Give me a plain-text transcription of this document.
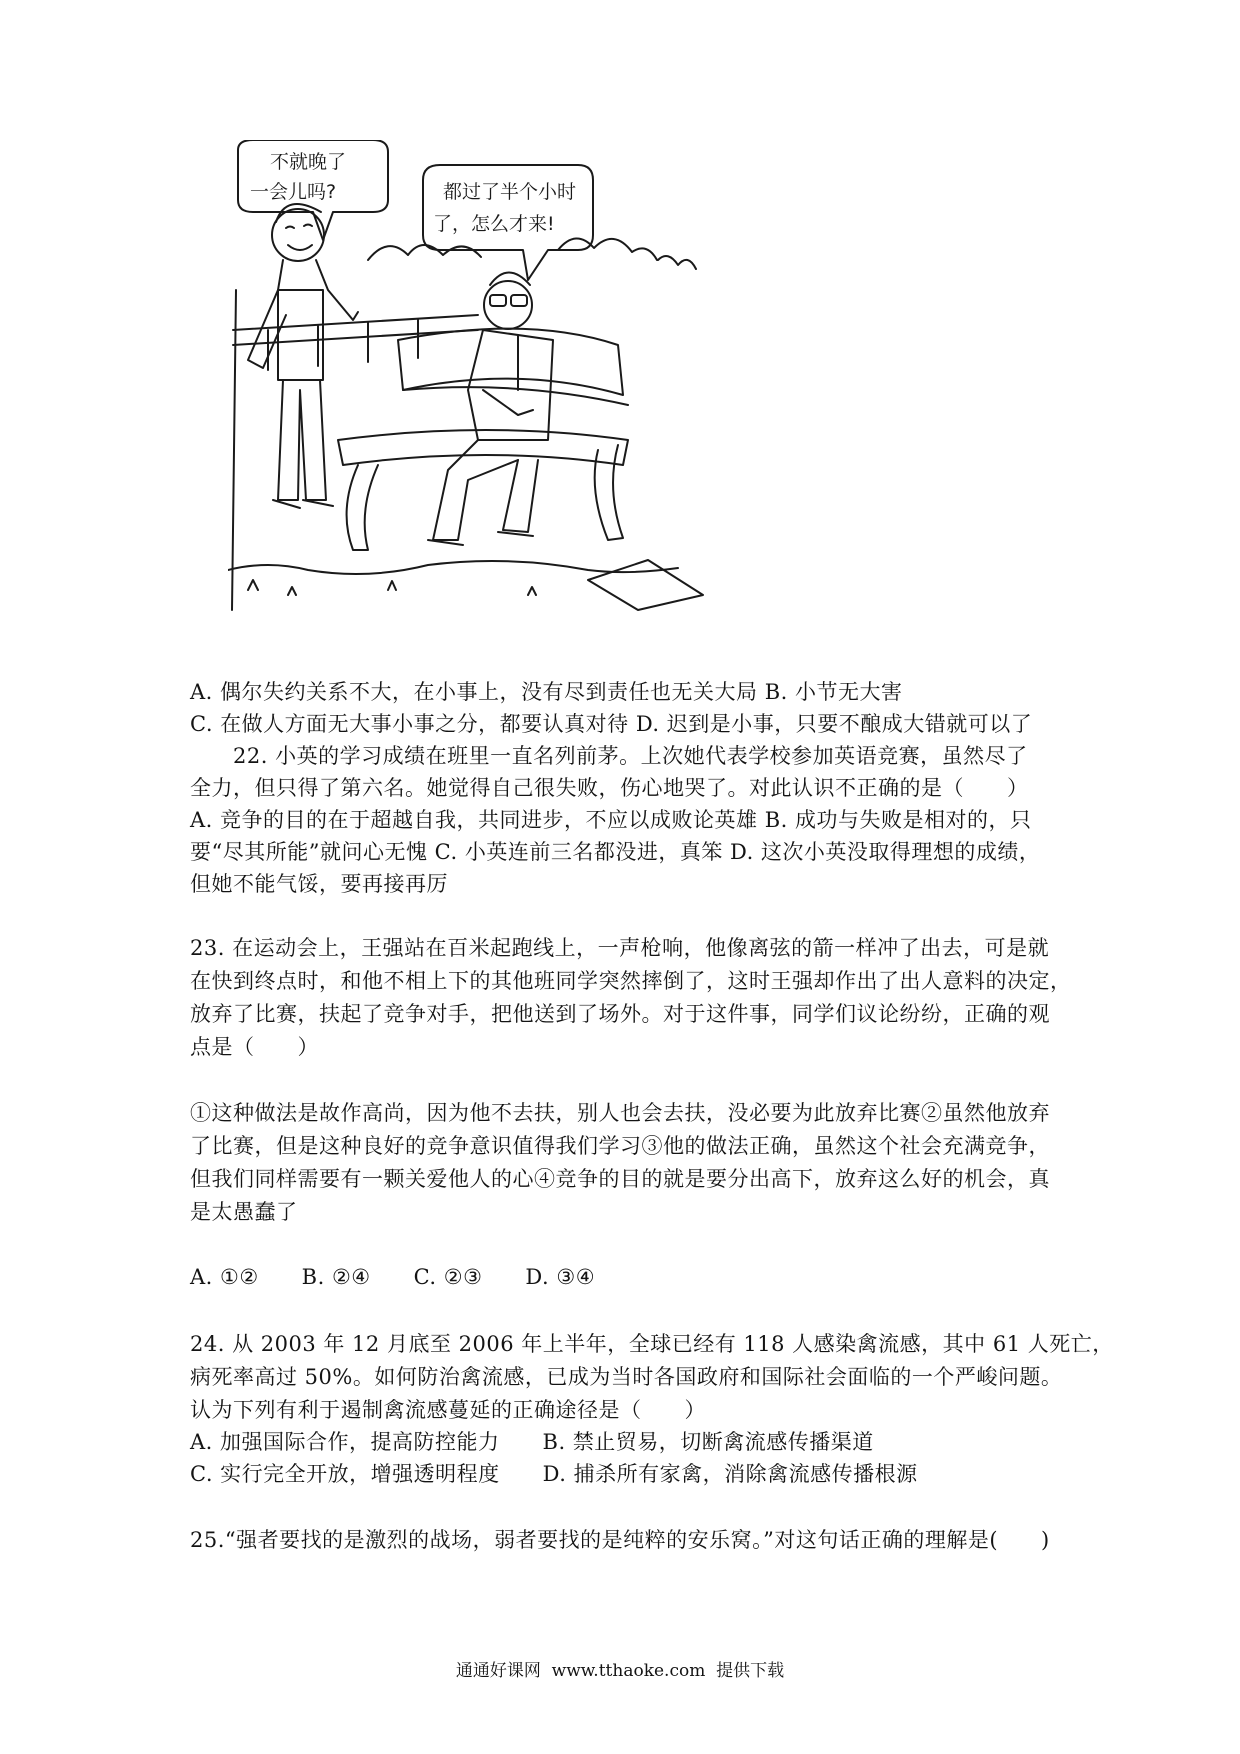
不就晚了
一会儿吗?	都过了半个小时
了，怎么才来!
A. 偶尔失约关系不大，在小事上，没有尽到责任也无关大局 B. 小节无大害
C. 在做人方面无大事小事之分，都要认真对待 D. 迟到是小事，只要不酿成大错就可以了
　　22. 小英的学习成绩在班里一直名列前茅。上次她代表学校参加英语竞赛，虽然尽了
全力，但只得了第六名。她觉得自己很失败，伤心地哭了。对此认识不正确的是（　　）
A. 竞争的目的在于超越自我，共同进步，不应以成败论英雄 B. 成功与失败是相对的，只
要“尽其所能”就问心无愧 C. 小英连前三名都没进，真笨 D. 这次小英没取得理想的成绩，
但她不能气馁，要再接再厉
23. 在运动会上，王强站在百米起跑线上，一声枪响，他像离弦的箭一样冲了出去，可是就
在快到终点时，和他不相上下的其他班同学突然摔倒了，这时王强却作出了出人意料的决定，
放弃了比赛，扶起了竞争对手，把他送到了场外。对于这件事，同学们议论纷纷，正确的观
点是（　　）
①这种做法是故作高尚，因为他不去扶，别人也会去扶，没必要为此放弃比赛②虽然他放弃
了比赛，但是这种良好的竞争意识值得我们学习③他的做法正确，虽然这个社会充满竞争，
但我们同样需要有一颗关爱他人的心④竞争的目的就是要分出高下，放弃这么好的机会，真
是太愚蠢了
A. ①②　　B. ②④　　C. ②③　　D. ③④
24. 从 2003 年 12 月底至 2006 年上半年，全球已经有 118 人感染禽流感，其中 61 人死亡，
病死率高过 50%。如何防治禽流感，已成为当时各国政府和国际社会面临的一个严峻问题。
认为下列有利于遏制禽流感蔓延的正确途径是（　　）
A. 加强国际合作，提高防控能力　　B. 禁止贸易，切断禽流感传播渠道
C. 实行完全开放，增强透明程度　　D. 捕杀所有家禽，消除禽流感传播根源
25.“强者要找的是激烈的战场，弱者要找的是纯粹的安乐窝。”对这句话正确的理解是(　　)
通通好课网  www.tthaoke.com  提供下载
